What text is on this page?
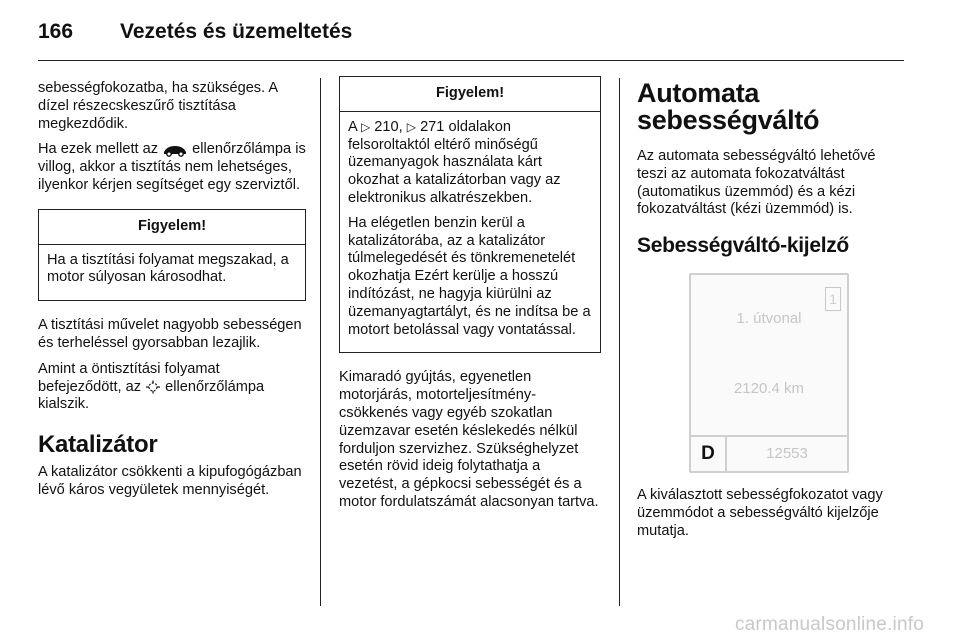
166 Vezetés és üzemeltetés

sebességfokozatba, ha szükséges. A dízel részecskeszűrő tisztítása megkezdődik.

Ha ezek mellett az ellenőrzőlámpa is villog, akkor a tisztítás nem lehetséges, ilyenkor kérjen segítséget egy szerviztől.

Figyelem!

Ha a tisztítási folyamat megszakad, a motor súlyosan károsodhat.

A tisztítási művelet nagyobb sebességen és terheléssel gyorsabban lezajlik.

Amint a öntisztítási folyamat befejeződött, az ellenőrzőlámpa kialszik.

Katalizátor

A katalizátor csökkenti a kipufogógázban lévő káros vegyületek mennyiségét.

Figyelem!

A ▷ 210, ▷ 271 oldalakon felsoroltaktól eltérő minőségű üzemanyagok használata kárt okozhat a katalizátorban vagy az elektronikus alkatrészekben.

Ha elégetlen benzin kerül a katalizátorába, az a katalizátor túlmelegedését és tönkremenetelét okozhatja Ezért kerülje a hosszú indítózást, ne hagyja kiürülni az üzemanyagtartályt, és ne indítsa be a motort betolással vagy vontatással.

Kimaradó gyújtás, egyenetlen motorjárás, motorteljesítmény-csökkenés vagy egyéb szokatlan üzemzavar esetén késlekedés nélkül forduljon szervizhez. Szükséghelyzet esetén rövid ideig folytathatja a vezetést, a gépkocsi sebességét és a motor fordulatszámát alacsonyan tartva.

Automata sebességváltó

Az automata sebességváltó lehetővé teszi az automata fokozatváltást (automatikus üzemmód) és a kézi fokozatváltást (kézi üzemmód) is.

Sebességváltó-kijelző
1
1. útvonal
2120.4 km
D	12553

A kiválasztott sebességfokozatot vagy üzemmódot a sebességváltó kijelzője mutatja.

carmanualsonline.info
